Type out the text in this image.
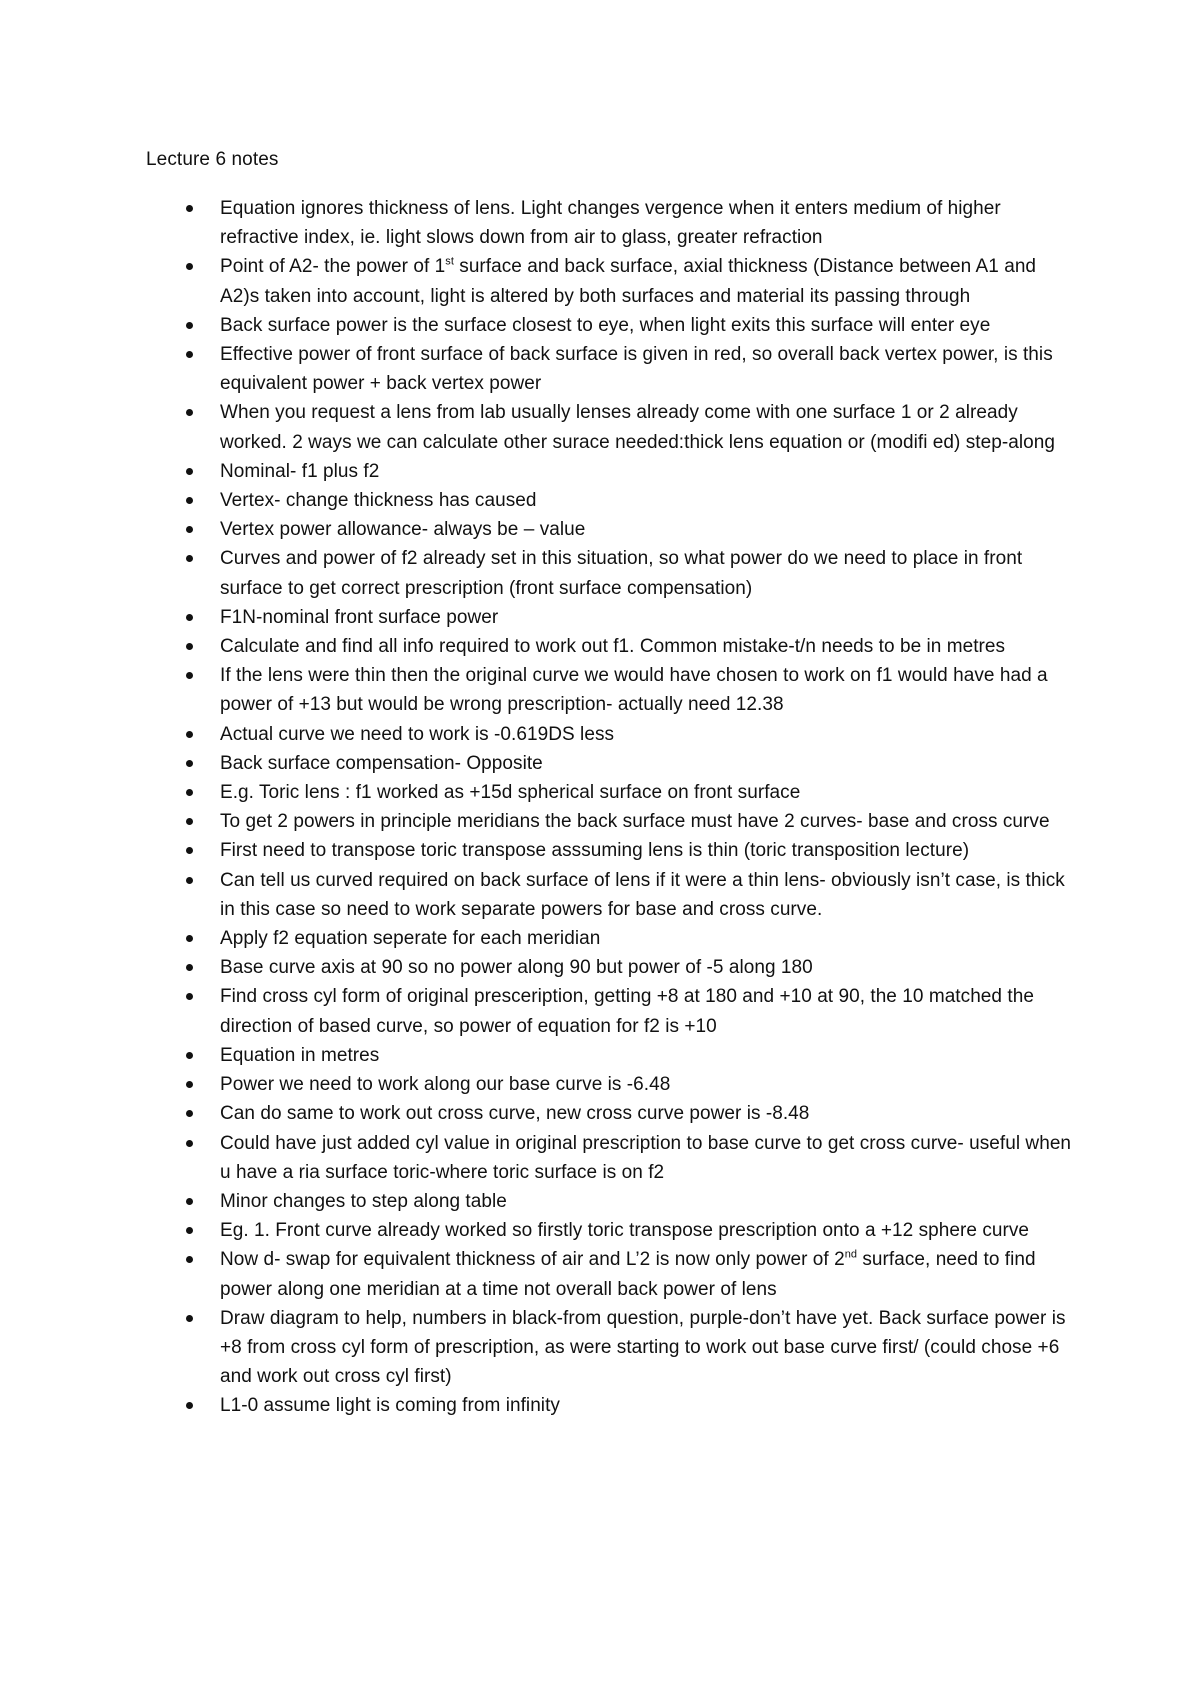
Lecture 6 notes
Equation ignores thickness of lens. Light changes vergence when it enters medium of higher refractive index, ie. light slows down from air to glass, greater refraction
Point of A2- the power of 1st surface and back surface, axial thickness (Distance between A1 and A2)s taken into account, light is altered by both surfaces and material its passing through
Back surface power is the surface closest to eye, when light exits this surface will enter eye
Effective power of front surface of back surface is given in red, so overall back vertex power, is this equivalent power + back vertex power
When you request a lens from lab usually lenses already come with one surface 1 or 2 already worked. 2 ways we can calculate other surace needed:thick lens equation or (modifi ed) step-along
Nominal- f1 plus f2
Vertex- change thickness has caused
Vertex power allowance- always be – value
Curves and power of f2 already set in this situation, so what power do we need to place in front surface to get correct prescription (front surface compensation)
F1N-nominal front surface power
Calculate and find all info required to work out f1. Common mistake-t/n needs to be in metres
If the lens were thin then the original curve we would have chosen to work on f1 would have had a power of +13 but would be wrong prescription- actually need 12.38
Actual curve we need to work is -0.619DS less
Back surface compensation- Opposite
E.g. Toric lens : f1 worked as +15d spherical surface on front surface
To get 2 powers in principle meridians the back surface must have 2 curves- base and cross curve
First need to transpose toric transpose asssuming lens is thin (toric transposition lecture)
Can tell us curved required on back surface of lens if it were a thin lens- obviously isn’t case, is thick in this case so need to work separate powers for base and cross curve.
Apply f2 equation seperate for each meridian
Base curve axis at 90 so no power along 90 but power of -5 along 180
Find cross cyl form of original presceription, getting +8 at 180 and +10 at 90, the 10 matched the direction of based curve, so power of equation for f2 is +10
Equation in metres
Power we need to work along our base curve is -6.48
Can do same to work out cross curve, new cross curve power is -8.48
Could have just added cyl value in original prescription to base curve to get cross curve- useful when u have a ria surface toric-where toric surface is on f2
Minor changes to step along table
Eg. 1. Front curve already worked so firstly toric transpose prescription onto a +12 sphere curve
Now d- swap for equivalent thickness of air and L’2 is now only power of 2nd surface, need to find power along one meridian at a time not overall back power of lens
Draw diagram to help, numbers in black-from question, purple-don’t have yet. Back surface power is +8 from cross cyl form of prescription, as were starting to work out base curve first/ (could chose +6 and work out cross cyl first)
L1-0 assume light is coming from infinity
